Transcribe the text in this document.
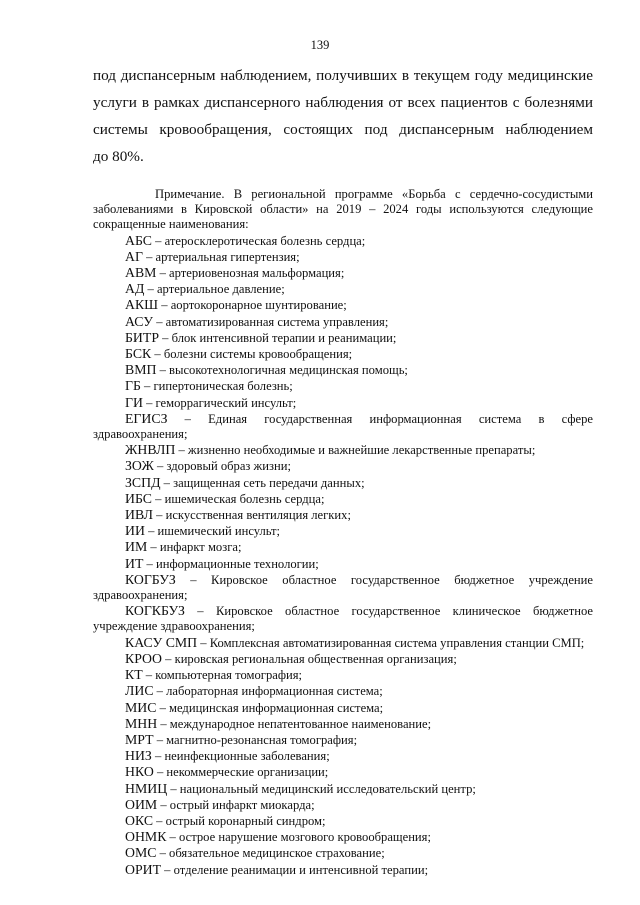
139
под диспансерным наблюдением, получивших в текущем году медицинские
услуги в рамках диспансерного наблюдения от всех пациентов с болезнями
системы кровообращения, состоящих под диспансерным наблюдением
до 80%.
Примечание. В региональной программе «Борьба с сердечно-сосудистыми
заболеваниями в Кировской области» на 2019 – 2024 годы используются следующие
сокращенные наименования:
АБС – атеросклеротическая болезнь сердца;
АГ – артериальная гипертензия;
АВМ – артериовенозная мальформация;
АД – артериальное давление;
АКШ – аортокоронарное шунтирование;
АСУ – автоматизированная система управления;
БИТР – блок интенсивной терапии и реанимации;
БСК – болезни системы кровообращения;
ВМП – высокотехнологичная медицинская помощь;
ГБ – гипертоническая болезнь;
ГИ – геморрагический инсульт;
ЕГИСЗ – Единая государственная информационная система в сфере
здравоохранения;
ЖНВЛП – жизненно необходимые и важнейшие лекарственные препараты;
ЗОЖ – здоровый образ жизни;
ЗСПД – защищенная сеть передачи данных;
ИБС – ишемическая болезнь сердца;
ИВЛ – искусственная вентиляция легких;
ИИ – ишемический инсульт;
ИМ – инфаркт мозга;
ИТ – информационные технологии;
КОГБУЗ – Кировское областное государственное бюджетное учреждение
здравоохранения;
КОГКБУЗ – Кировское областное государственное клиническое бюджетное
учреждение здравоохранения;
КАСУ СМП – Комплексная автоматизированная система управления станции СМП;
КРОО – кировская региональная общественная организация;
КТ – компьютерная томография;
ЛИС – лабораторная информационная система;
МИС – медицинская информационная система;
МНН – международное непатентованное наименование;
МРТ – магнитно-резонансная томография;
НИЗ – неинфекционные заболевания;
НКО – некоммерческие организации;
НМИЦ – национальный медицинский исследовательский центр;
ОИМ – острый инфаркт миокарда;
ОКС – острый коронарный синдром;
ОНМК – острое нарушение мозгового кровообращения;
ОМС – обязательное медицинское страхование;
ОРИТ – отделение реанимации и интенсивной терапии;
